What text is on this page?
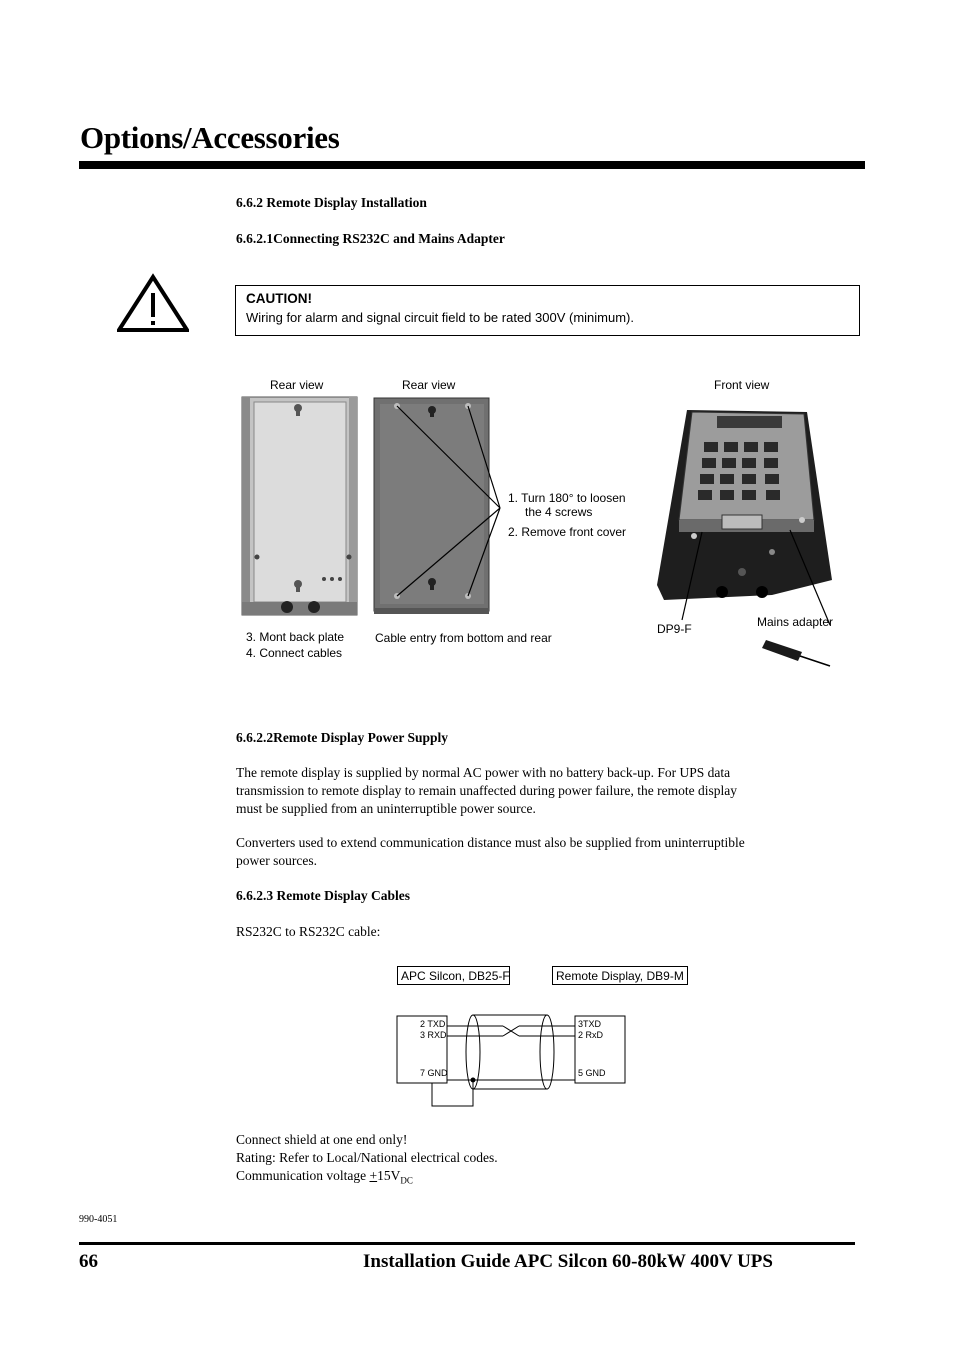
Options/Accessories
6.6.2 Remote Display Installation
6.6.2.1Connecting RS232C and Mains Adapter
CAUTION!
Wiring for alarm and signal circuit field to be rated 300V (minimum).
Rear view	Rear view	Front view
1. Turn 180° to loosen
the 4 screws
2. Remove front cover
3. Mont back plate
4. Connect cables
Cable entry from bottom and rear
DP9-F	Mains adapter
6.6.2.2Remote Display Power Supply
The remote display is supplied by normal AC power with no battery back-up. For UPS data
transmission to remote display to remain unaffected during power failure, the remote display
must be supplied from an uninterruptible power source.
Converters used to extend communication distance must also be supplied from uninterruptible
power sources.
6.6.2.3 Remote Display Cables
RS232C to RS232C cable:
APC Silcon, DB25-F	Remote Display, DB9-M
2 TXD
3 RXD
7 GND
3TXD
2 RxD
5 GND
Connect shield at one end only!
Rating: Refer to Local/National electrical codes.
Communication voltage $+15V_{DC}$
990-4051
66	Installation Guide APC Silcon 60-80kW 400V UPS
